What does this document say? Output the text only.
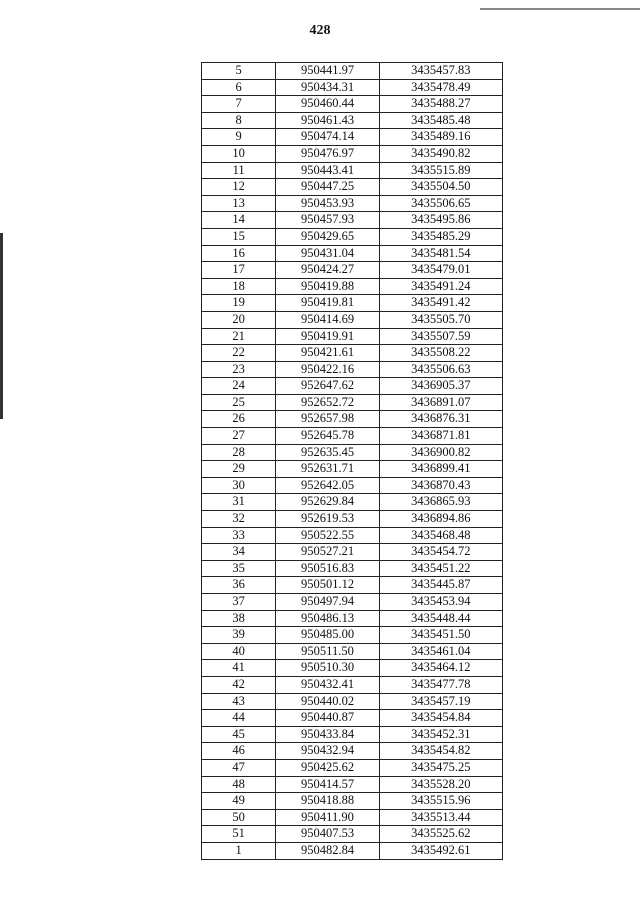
428
5	950441.97	3435457.83
6	950434.31	3435478.49
7	950460.44	3435488.27
8	950461.43	3435485.48
9	950474.14	3435489.16
10	950476.97	3435490.82
11	950443.41	3435515.89
12	950447.25	3435504.50
13	950453.93	3435506.65
14	950457.93	3435495.86
15	950429.65	3435485.29
16	950431.04	3435481.54
17	950424.27	3435479.01
18	950419.88	3435491.24
19	950419.81	3435491.42
20	950414.69	3435505.70
21	950419.91	3435507.59
22	950421.61	3435508.22
23	950422.16	3435506.63
24	952647.62	3436905.37
25	952652.72	3436891.07
26	952657.98	3436876.31
27	952645.78	3436871.81
28	952635.45	3436900.82
29	952631.71	3436899.41
30	952642.05	3436870.43
31	952629.84	3436865.93
32	952619.53	3436894.86
33	950522.55	3435468.48
34	950527.21	3435454.72
35	950516.83	3435451.22
36	950501.12	3435445.87
37	950497.94	3435453.94
38	950486.13	3435448.44
39	950485.00	3435451.50
40	950511.50	3435461.04
41	950510.30	3435464.12
42	950432.41	3435477.78
43	950440.02	3435457.19
44	950440.87	3435454.84
45	950433.84	3435452.31
46	950432.94	3435454.82
47	950425.62	3435475.25
48	950414.57	3435528.20
49	950418.88	3435515.96
50	950411.90	3435513.44
51	950407.53	3435525.62
1	950482.84	3435492.61
